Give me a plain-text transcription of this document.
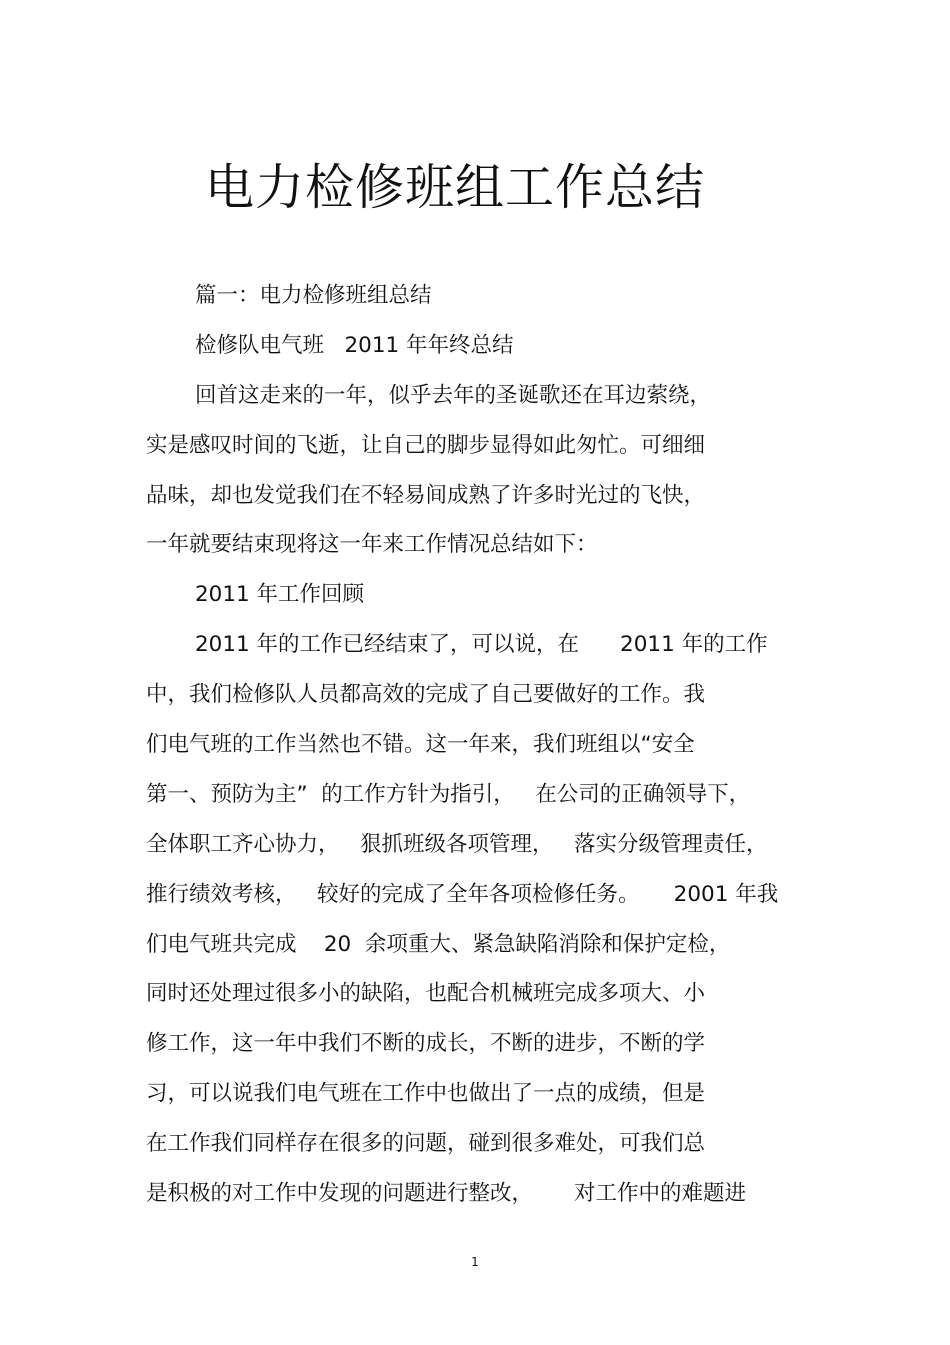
电力检修班组工作总结
篇一：电力检修班组总结
检修队电气班   2011 年年终总结
回首这走来的一年，似乎去年的圣诞歌还在耳边萦绕，
实是感叹时间的飞逝，让自己的脚步显得如此匆忙。可细细
品味，却也发觉我们在不轻易间成熟了许多时光过的飞快，
一年就要结束现将这一年来工作情况总结如下：
2011 年工作回顾
2011 年的工作已经结束了，可以说，在      2011 年的工作
中，我们检修队人员都高效的完成了自己要做好的工作。我
们电气班的工作当然也不错。这一年来，我们班组以“安全
第一、预防为主”  的工作方针为指引，   在公司的正确领导下，
全体职工齐心协力，   狠抓班级各项管理，   落实分级管理责任，
推行绩效考核，   较好的完成了全年各项检修任务。     2001 年我
们电气班共完成    20  余项重大、紧急缺陷消除和保护定检，
同时还处理过很多小的缺陷，也配合机械班完成多项大、小
修工作，这一年中我们不断的成长，不断的进步，不断的学
习，可以说我们电气班在工作中也做出了一点的成绩，但是
在工作我们同样存在很多的问题，碰到很多难处，可我们总
是积极的对工作中发现的问题进行整改，      对工作中的难题进
1
